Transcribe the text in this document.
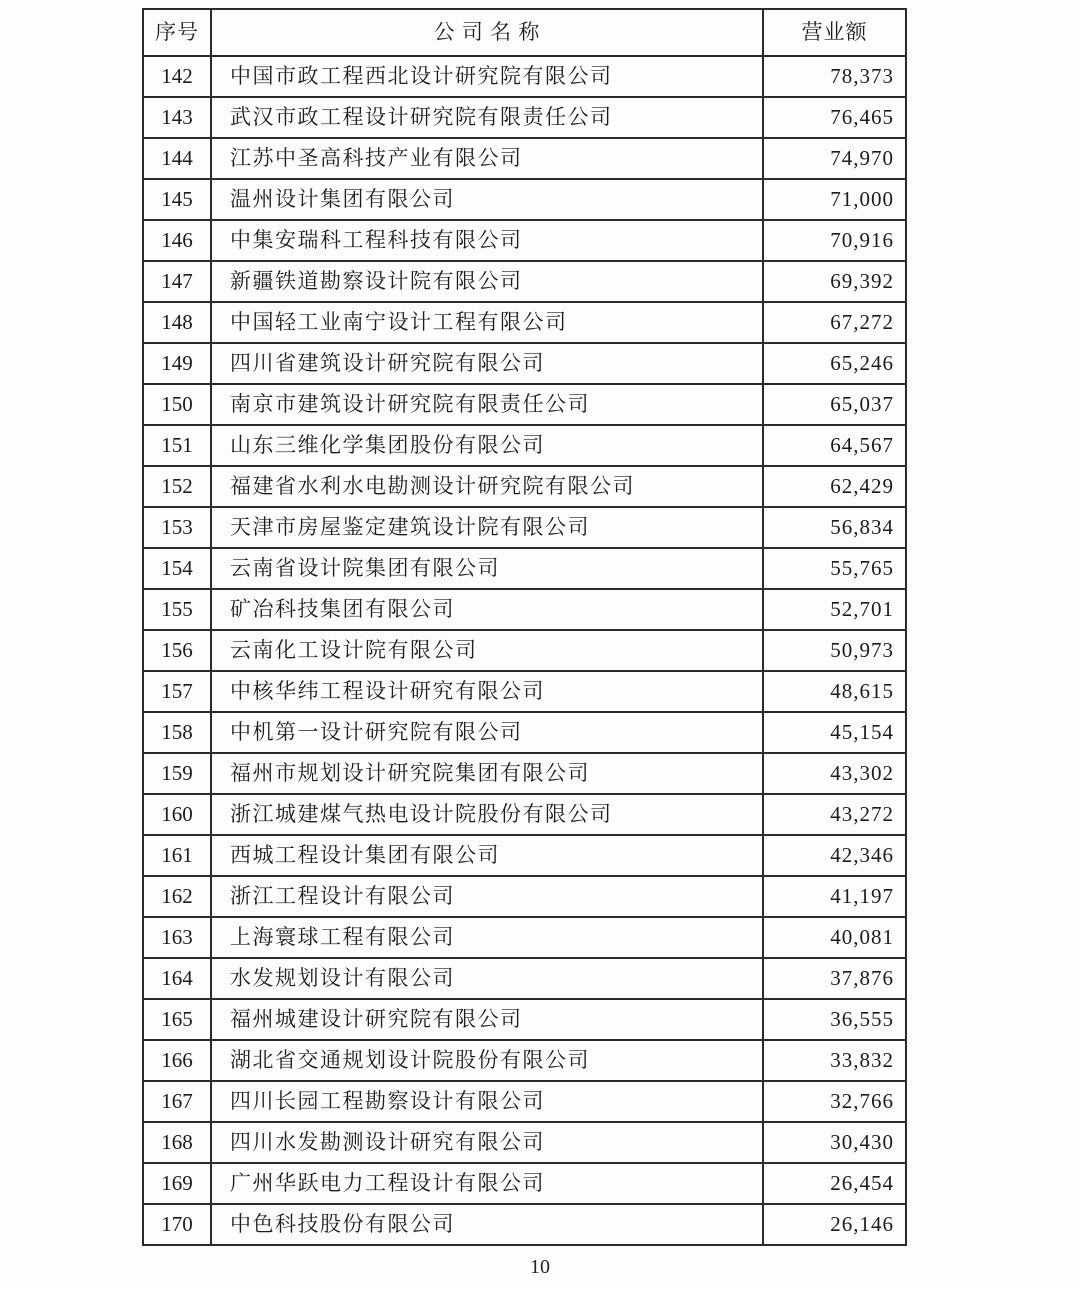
序号	公 司 名 称	营业额
142	中国市政工程西北设计研究院有限公司	78,373
143	武汉市政工程设计研究院有限责任公司	76,465
144	江苏中圣高科技产业有限公司	74,970
145	温州设计集团有限公司	71,000
146	中集安瑞科工程科技有限公司	70,916
147	新疆铁道勘察设计院有限公司	69,392
148	中国轻工业南宁设计工程有限公司	67,272
149	四川省建筑设计研究院有限公司	65,246
150	南京市建筑设计研究院有限责任公司	65,037
151	山东三维化学集团股份有限公司	64,567
152	福建省水利水电勘测设计研究院有限公司	62,429
153	天津市房屋鉴定建筑设计院有限公司	56,834
154	云南省设计院集团有限公司	55,765
155	矿冶科技集团有限公司	52,701
156	云南化工设计院有限公司	50,973
157	中核华纬工程设计研究有限公司	48,615
158	中机第一设计研究院有限公司	45,154
159	福州市规划设计研究院集团有限公司	43,302
160	浙江城建煤气热电设计院股份有限公司	43,272
161	西城工程设计集团有限公司	42,346
162	浙江工程设计有限公司	41,197
163	上海寰球工程有限公司	40,081
164	水发规划设计有限公司	37,876
165	福州城建设计研究院有限公司	36,555
166	湖北省交通规划设计院股份有限公司	33,832
167	四川长园工程勘察设计有限公司	32,766
168	四川水发勘测设计研究有限公司	30,430
169	广州华跃电力工程设计有限公司	26,454
170	中色科技股份有限公司	26,146
10
